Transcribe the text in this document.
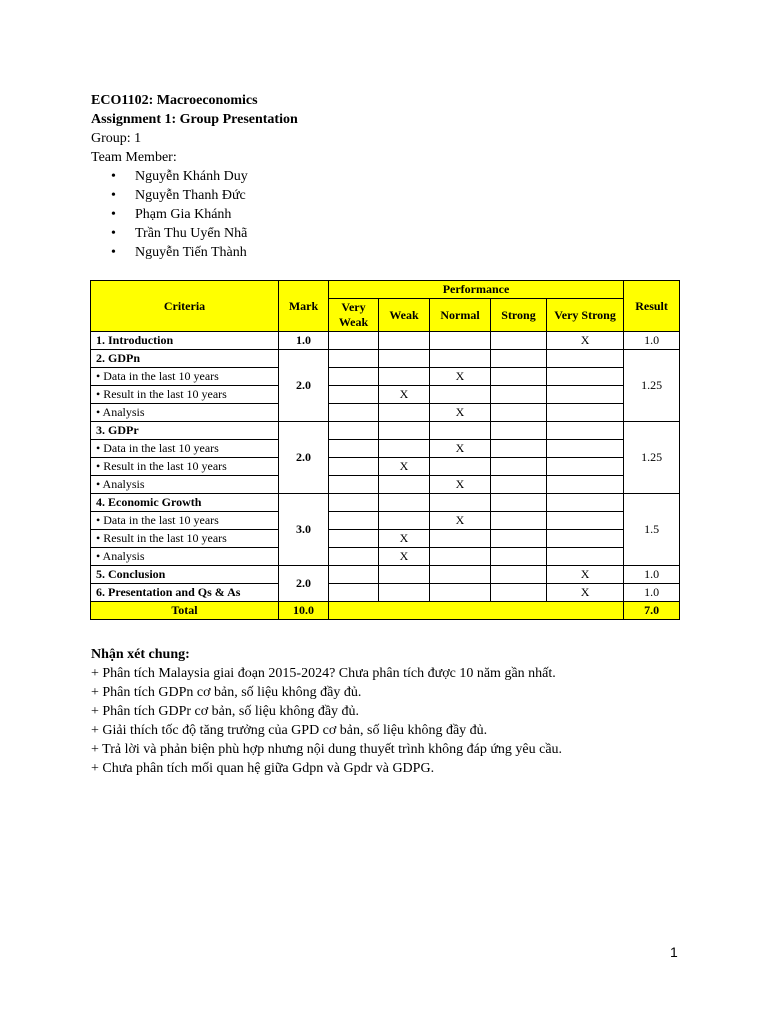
ECO1102: Macroeconomics
Assignment 1: Group Presentation
Group: 1
Team Member:
• Nguyễn Khánh Duy
• Nguyễn Thanh Đức
• Phạm Gia Khánh
• Trần Thu Uyển Nhã
• Nguyễn Tiến Thành
Criteria	Mark	Performance					Result
		Very Weak	Weak	Normal	Strong	Very Strong	
1. Introduction	1.0					X	1.0
2. GDPn	2.0						1.25
• Data in the last 10 years				X			
• Result in the last 10 years			X				
• Analysis				X			
3. GDPr	2.0						1.25
• Data in the last 10 years				X			
• Result in the last 10 years			X				
• Analysis				X			
4. Economic Growth	3.0						1.5
• Data in the last 10 years				X			
• Result in the last 10 years			X				
• Analysis			X				
5. Conclusion	2.0					X	1.0
6. Presentation and Qs & As						X	1.0
Total	10.0						7.0
Nhận xét chung:
+ Phân tích Malaysia giai đoạn 2015-2024? Chưa phân tích được 10 năm gần nhất.
+ Phân tích GDPn cơ bản, số liệu không đầy đủ.
+ Phân tích GDPr cơ bản, số liệu không đầy đủ.
+ Giải thích tốc độ tăng trưởng của GPD cơ bản, số liệu không đầy đủ.
+ Trả lời và phản biện phù hợp nhưng nội dung thuyết trình không đáp ứng yêu cầu.
+ Chưa phân tích mối quan hệ giữa Gdpn và Gpdr và GDPG.
1
